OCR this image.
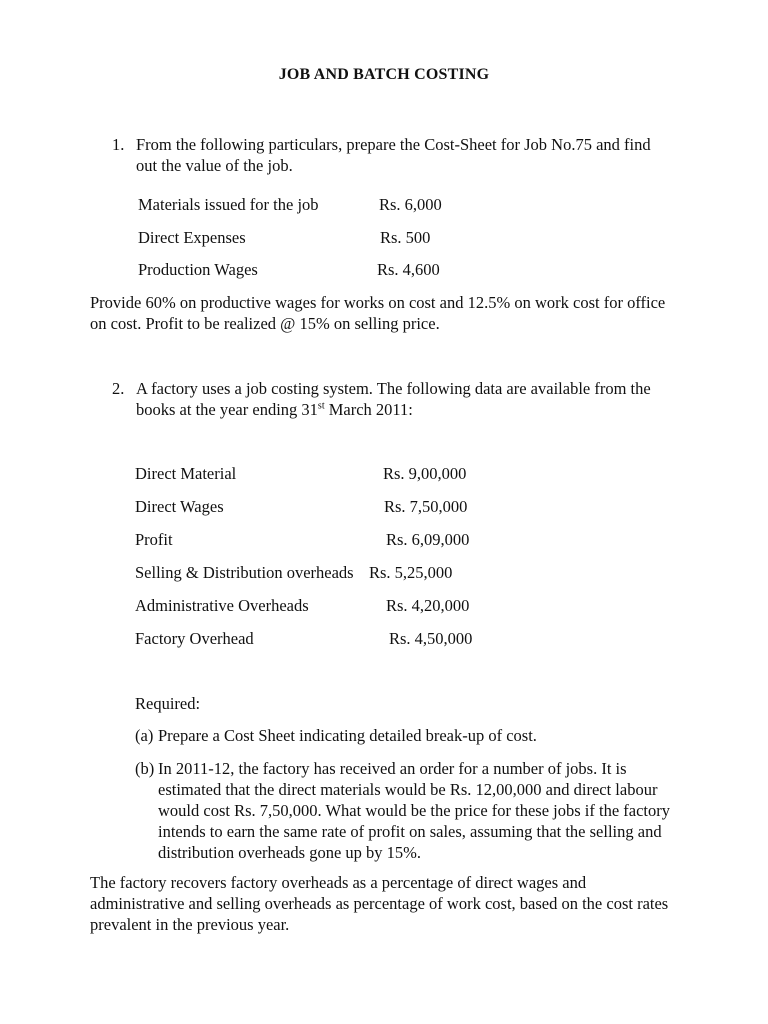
JOB AND BATCH COSTING
1. From the following particulars, prepare the Cost-Sheet for Job No.75 and find out the value of the job.
Materials issued for the job	Rs. 6,000
Direct Expenses	Rs. 500
Production Wages	Rs. 4,600
Provide 60% on productive wages for works on cost and 12.5% on work cost for office on cost. Profit to be realized @ 15% on selling price.
2. A factory uses a job costing system. The following data are available from the books at the year ending 31st March 2011:
Direct Material	Rs. 9,00,000
Direct Wages	Rs. 7,50,000
Profit	Rs. 6,09,000
Selling & Distribution overheads Rs. 5,25,000
Administrative Overheads	Rs. 4,20,000
Factory Overhead	Rs. 4,50,000
Required:
(a) Prepare a Cost Sheet indicating detailed break-up of cost.
(b) In 2011-12, the factory has received an order for a number of jobs. It is estimated that the direct materials would be Rs. 12,00,000 and direct labour would cost Rs. 7,50,000. What would be the price for these jobs if the factory intends to earn the same rate of profit on sales, assuming that the selling and distribution overheads gone up by 15%.
The factory recovers factory overheads as a percentage of direct wages and administrative and selling overheads as percentage of work cost, based on the cost rates prevalent in the previous year.
